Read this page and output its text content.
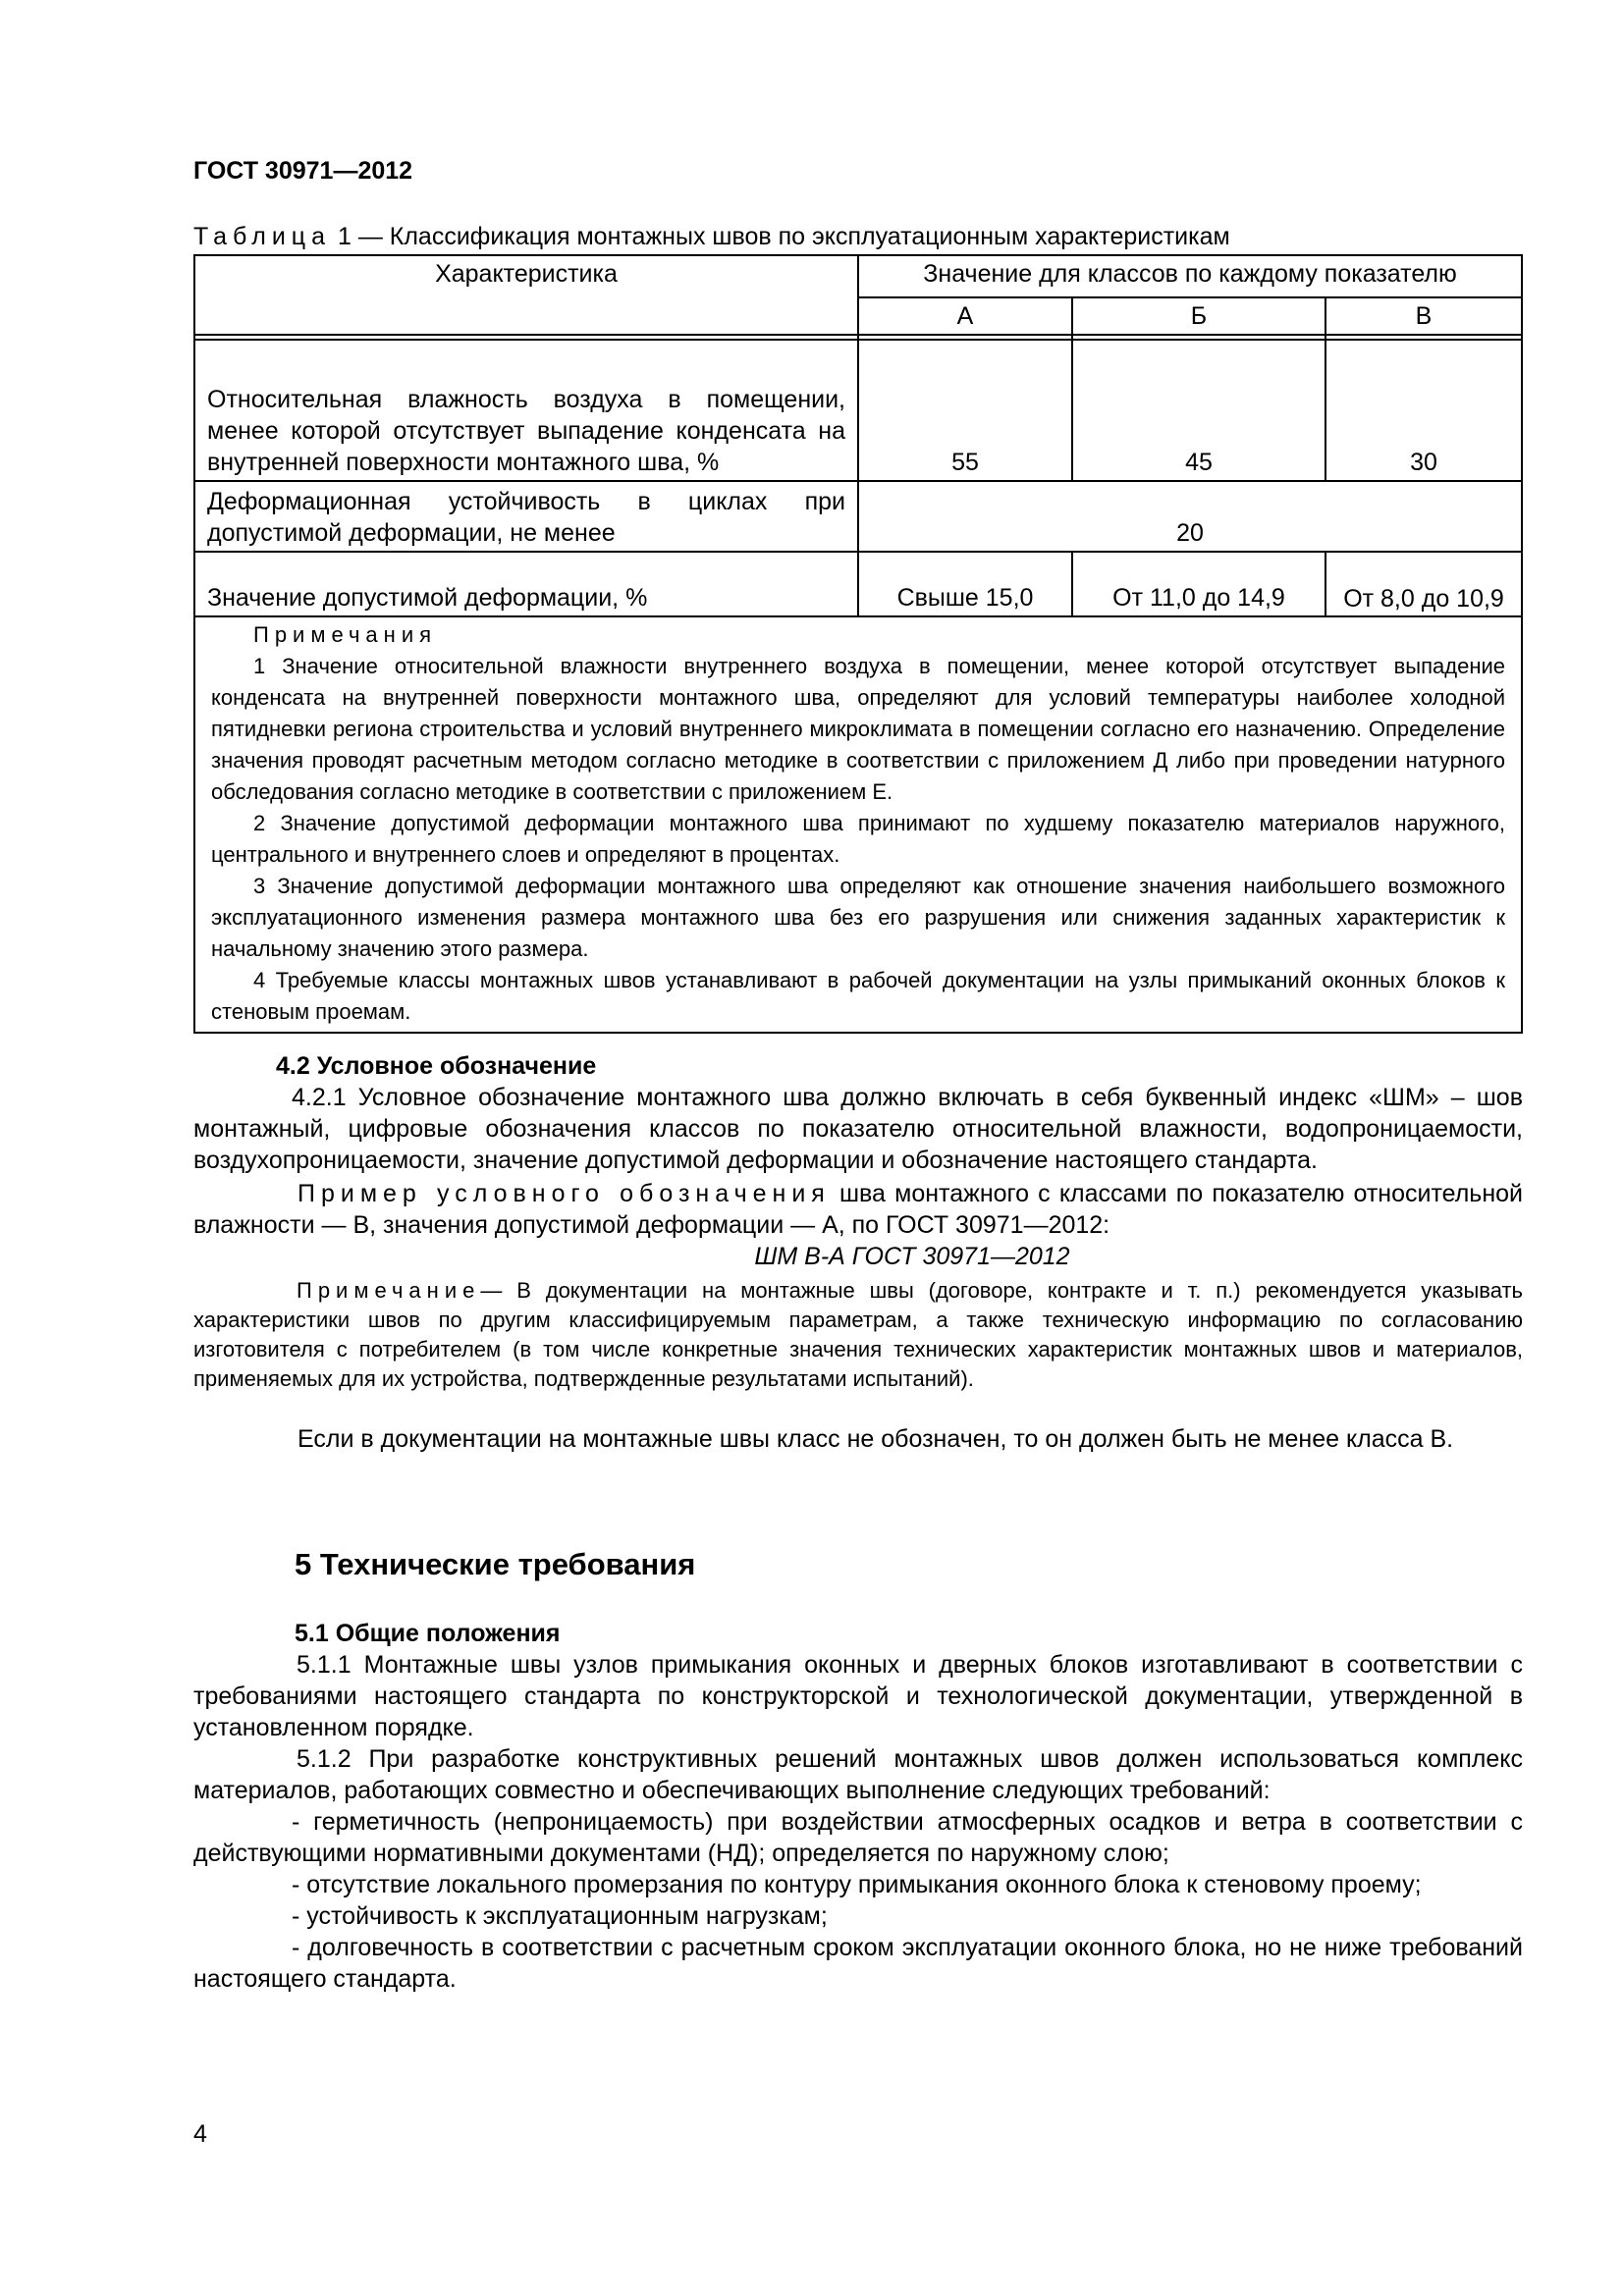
ГОСТ 30971—2012
Таблица 1 — Классификация монтажных швов по эксплуатационным характеристикам
Характеристика	Значение для классов по каждому показателю		
	А	Б	В

Относительная влажность воздуха в помещении, менее которой отсутствует выпадение конденсата на внутренней поверхности монтажного шва, %	55	45	30
Деформационная устойчивость в циклах при допустимой деформации, не менее	20		
Значение допустимой деформации, %	Свыше 15,0	От 11,0 до 14,9	От 8,0 до 10,9

Примечания

1 Значение относительной влажности внутреннего воздуха в помещении, менее которой отсутствует выпадение конденсата на внутренней поверхности монтажного шва, определяют для условий температуры наиболее холодной пятидневки региона строительства и условий внутреннего микроклимата в помещении согласно его назначению. Определение значения проводят расчетным методом согласно методике в соответствии с приложением Д либо при проведении натурного обследования согласно методике в соответствии с приложением Е.

2 Значение допустимой деформации монтажного шва принимают по худшему показателю материалов наружного, центрального и внутреннего слоев и определяют в процентах.

3 Значение допустимой деформации монтажного шва определяют как отношение значения наибольшего возможного эксплуатационного изменения размера монтажного шва без его разрушения или снижения заданных характеристик к начальному значению этого размера.

4 Требуемые классы монтажных швов устанавливают в рабочей документации на узлы примыканий оконных блоков к стеновым проемам.			

4.2 Условное обозначение

4.2.1 Условное обозначение монтажного шва должно включать в себя буквенный индекс «ШМ» – шов монтажный, цифровые обозначения классов по показателю относительной влажности, водопроницаемости, воздухопроницаемости, значение допустимой деформации и обозначение настоящего стандарта.

Пример условного обозначения шва монтажного с классами по показателю относительной влажности — В, значения допустимой деформации — А, по ГОСТ 30971—2012:

ШМ В-А ГОСТ 30971—2012

Примечание— В документации на монтажные швы (договоре, контракте и т. п.) рекомендуется указывать характеристики швов по другим классифицируемым параметрам, а также техническую информацию по согласованию изготовителя с потребителем (в том числе конкретные значения технических характеристик монтажных швов и материалов, применяемых для их устройства, подтвержденные результатами испытаний).

Если в документации на монтажные швы класс не обозначен, то он должен быть не менее класса В.

5 Технические требования

5.1 Общие положения

5.1.1 Монтажные швы узлов примыкания оконных и дверных блоков изготавливают в соответствии с требованиями настоящего стандарта по конструкторской и технологической документации, утвержденной в установленном порядке.

5.1.2 При разработке конструктивных решений монтажных швов должен использоваться комплекс материалов, работающих совместно и обеспечивающих выполнение следующих требований:

- герметичность (непроницаемость) при воздействии атмосферных осадков и ветра в соответствии с действующими нормативными документами (НД); определяется по наружному слою;

- отсутствие локального промерзания по контуру примыкания оконного блока к стеновому проему;

- устойчивость к эксплуатационным нагрузкам;

- долговечность в соответствии с расчетным сроком эксплуатации оконного блока, но не ниже требований настоящего стандарта.

4
